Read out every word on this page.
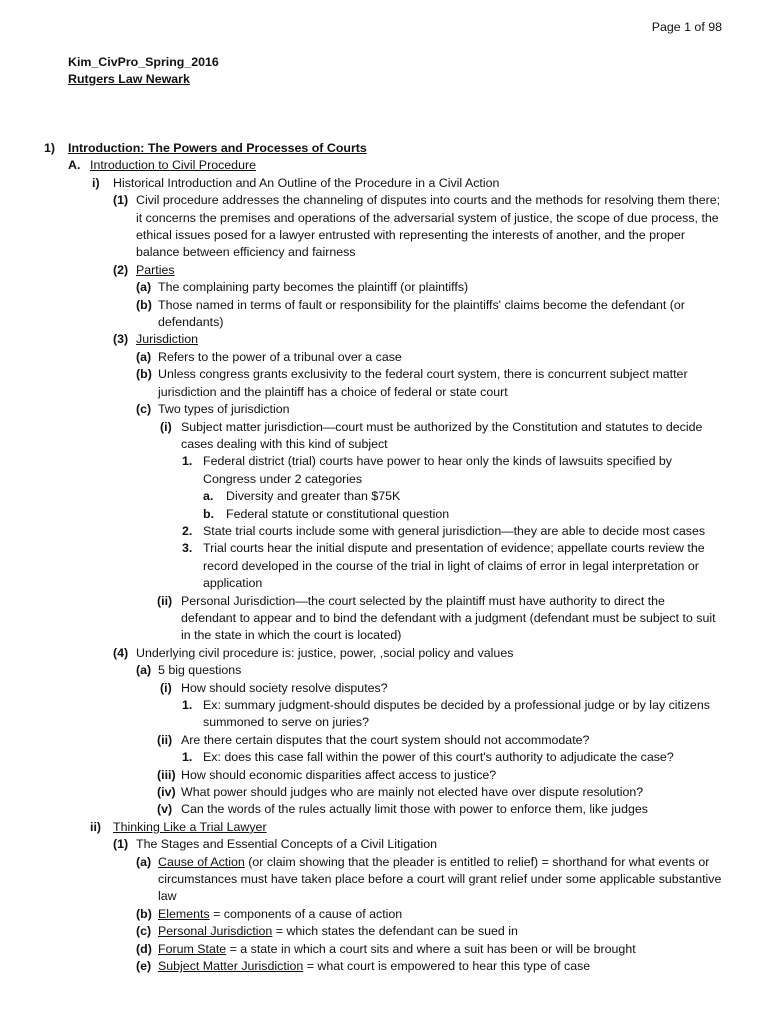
Page 1 of 98
Kim_CivPro_Spring_2016
Rutgers Law Newark
1) Introduction: The Powers and Processes of Courts
A. Introduction to Civil Procedure
i) Historical Introduction and An Outline of the Procedure in a Civil Action
(1) Civil procedure addresses the channeling of disputes into courts and the methods for resolving them there; it concerns the premises and operations of the adversarial system of justice, the scope of due process, the ethical issues posed for a lawyer entrusted with representing the interests of another, and the proper balance between efficiency and fairness
(2) Parties
(a) The complaining party becomes the plaintiff (or plaintiffs)
(b) Those named in terms of fault or responsibility for the plaintiffs' claims become the defendant (or defendants)
(3) Jurisdiction
(a) Refers to the power of a tribunal over a case
(b) Unless congress grants exclusivity to the federal court system, there is concurrent subject matter jurisdiction and the plaintiff has a choice of federal or state court
(c) Two types of jurisdiction
(i) Subject matter jurisdiction—court must be authorized by the Constitution and statutes to decide cases dealing with this kind of subject
1. Federal district (trial) courts have power to hear only the kinds of lawsuits specified by Congress under 2 categories
a. Diversity and greater than $75K
b. Federal statute or constitutional question
2. State trial courts include some with general jurisdiction—they are able to decide most cases
3. Trial courts hear the initial dispute and presentation of evidence; appellate courts review the record developed in the course of the trial in light of claims of error in legal interpretation or application
(ii) Personal Jurisdiction—the court selected by the plaintiff must have authority to direct the defendant to appear and to bind the defendant with a judgment (defendant must be subject to suit in the state in which the court is located)
(4) Underlying civil procedure is: justice, power, ,social policy and values
(a) 5 big questions
(i) How should society resolve disputes?
1. Ex: summary judgment-should disputes be decided by a professional judge or by lay citizens summoned to serve on juries?
(ii) Are there certain disputes that the court system should not accommodate?
1. Ex: does this case fall within the power of this court's authority to adjudicate the case?
(iii) How should economic disparities affect access to justice?
(iv) What power should judges who are mainly not elected have over dispute resolution?
(v) Can the words of the rules actually limit those with power to enforce them, like judges
ii) Thinking Like a Trial Lawyer
(1) The Stages and Essential Concepts of a Civil Litigation
(a) Cause of Action (or claim showing that the pleader is entitled to relief) = shorthand for what events or circumstances must have taken place before a court will grant relief under some applicable substantive law
(b) Elements = components of a cause of action
(c) Personal Jurisdiction = which states the defendant can be sued in
(d) Forum State = a state in which a court sits and where a suit has been or will be brought
(e) Subject Matter Jurisdiction = what court is empowered to hear this type of case
